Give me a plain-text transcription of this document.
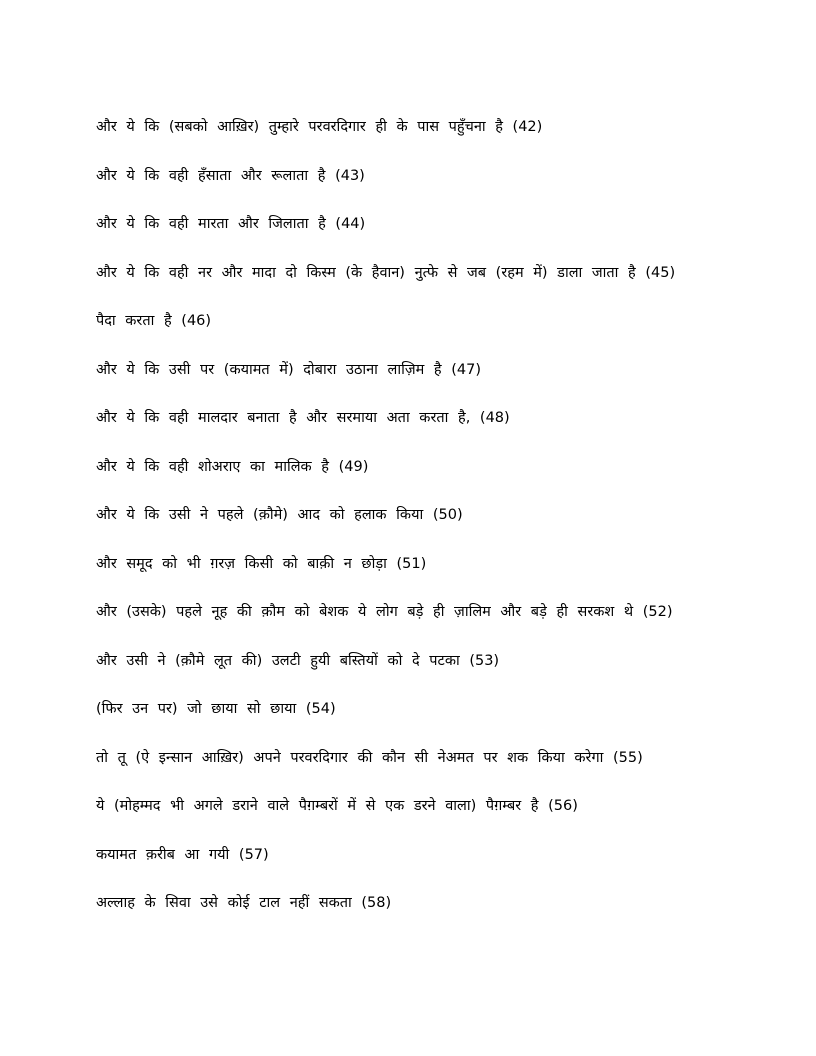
और ये कि (सबको आख़िर) तुम्हारे परवरदिगार ही के पास पहुँचना है (42)

और ये कि वही हँसाता और रूलाता है (43)

और ये कि वही मारता और जिलाता है (44)

और ये कि वही नर और मादा दो किस्म (के हैवान) नुत्फे से जब (रहम में) डाला जाता है (45)

पैदा करता है (46)

और ये कि उसी पर (कयामत में) दोबारा उठाना लाज़िम है (47)

और ये कि वही मालदार बनाता है और सरमाया अता करता है, (48)

और ये कि वही शोअराए का मालिक है (49)

और ये कि उसी ने पहले (क़ौमे) आद को हलाक किया (50)

और समूद को भी ग़रज़ किसी को बाक़ी न छोड़ा (51)

और (उसके) पहले नूह की क़ौम को बेशक ये लोग बड़े ही ज़ालिम और बड़े ही सरकश थे (52)

और उसी ने (क़ौमे लूत की) उलटी हुयी बस्तियों को दे पटका (53)

(फिर उन पर) जो छाया सो छाया (54)

तो तू (ऐ इन्सान आख़िर) अपने परवरदिगार की कौन सी नेअमत पर शक किया करेगा (55)

ये (मोहम्मद भी अगले डराने वाले पैग़म्बरों में से एक डरने वाला) पैग़म्बर है (56)

कयामत क़रीब आ गयी (57)

अल्लाह के सिवा उसे कोई टाल नहीं सकता (58)
